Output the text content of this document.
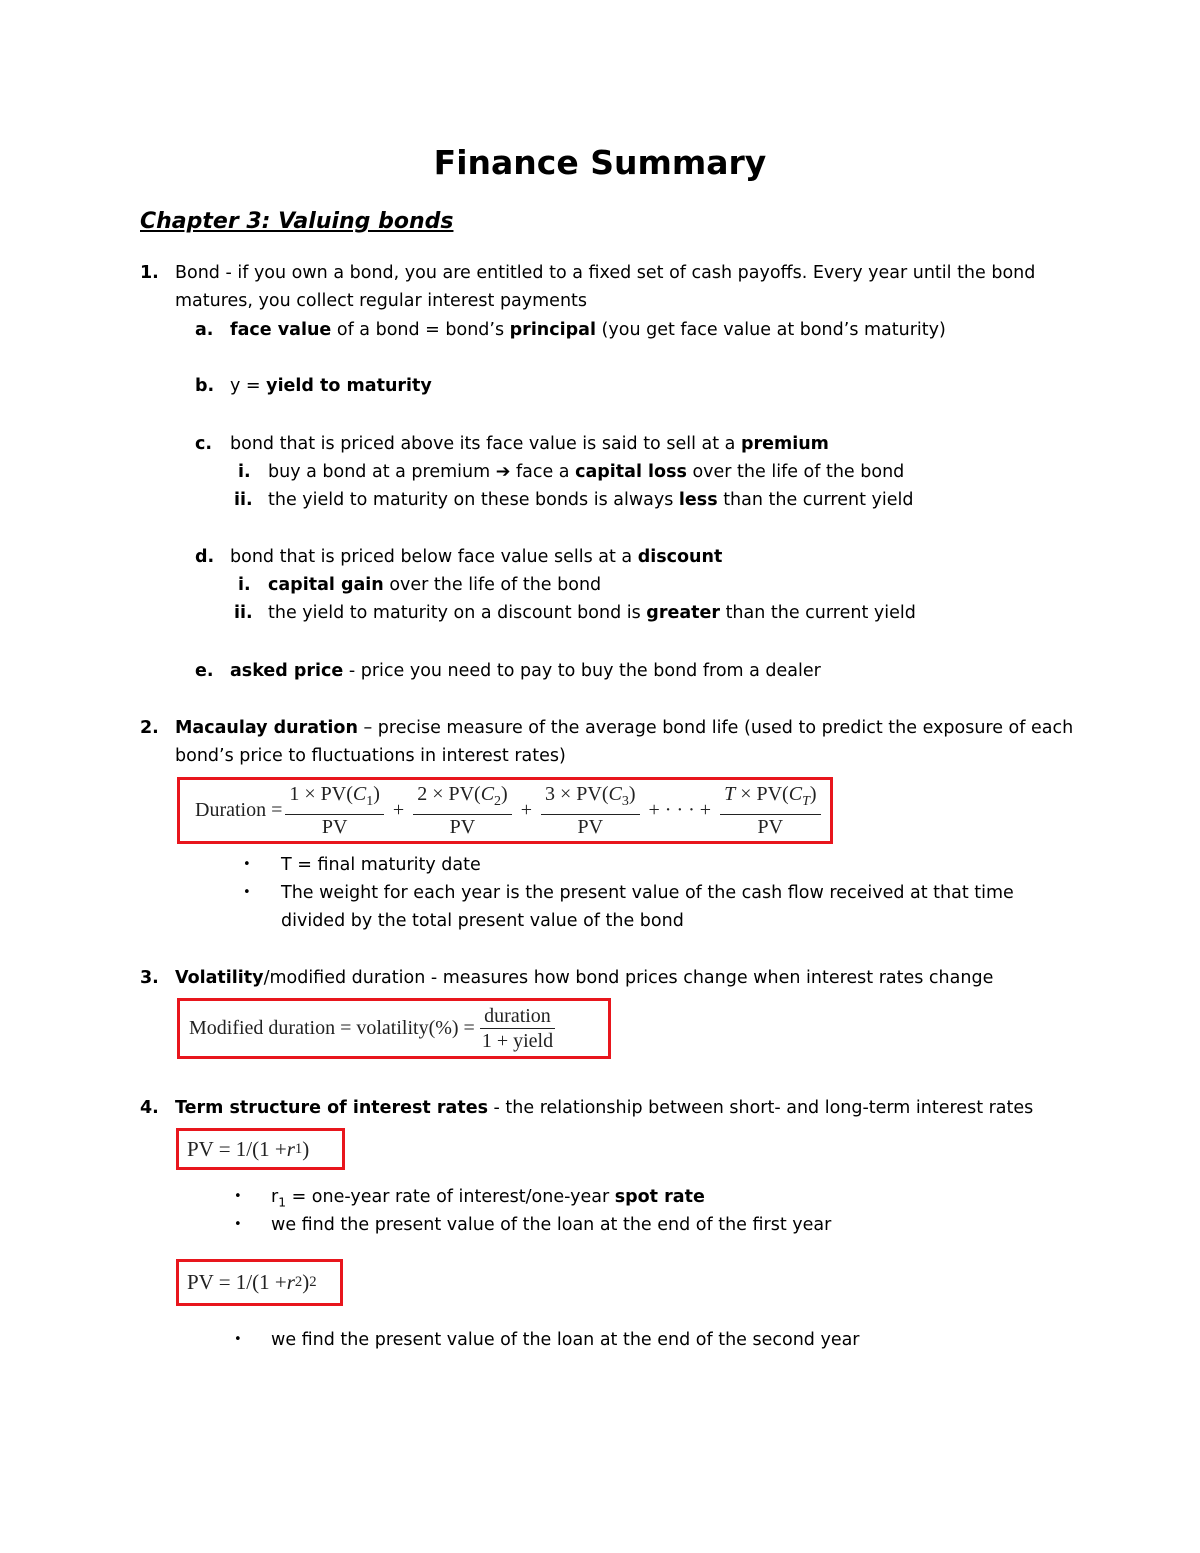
Finance Summary
Chapter 3: Valuing bonds
1. Bond - if you own a bond, you are entitled to a fixed set of cash payoffs. Every year until the bond
matures, you collect regular interest payments
a. face value of a bond = bond’s principal (you get face value at bond’s maturity)
b. y = yield to maturity
c. bond that is priced above its face value is said to sell at a premium
i. buy a bond at a premium ➔ face a capital loss over the life of the bond
ii. the yield to maturity on these bonds is always less than the current yield
d. bond that is priced below face value sells at a discount
i. capital gain over the life of the bond
ii. the yield to maturity on a discount bond is greater than the current yield
e. asked price - price you need to pay to buy the bond from a dealer
2. Macaulay duration – precise measure of the average bond life (used to predict the exposure of each
bond’s price to fluctuations in interest rates)
Duration = $\frac{1 \times PV(C_1)}{PV} + \frac{2 \times PV(C_2)}{PV} + \frac{3 \times PV(C_3)}{PV}$ + · · · + $\frac{T \times PV(C_T)}{PV}$
• T = final maturity date
• The weight for each year is the present value of the cash flow received at that time
divided by the total present value of the bond
3. Volatility/modified duration - measures how bond prices change when interest rates change
Modified duration = volatility(%) = $\frac{\text{duration}}{\text{1 + yield}}$
4. Term structure of interest rates - the relationship between short- and long-term interest rates
PV = 1/(1 + r 1 )
• $r_1$ = one-year rate of interest/one-year spot rate
• we find the present value of the loan at the end of the first year
PV = 1/(1 + r 2 ) 2
• we find the present value of the loan at the end of the second year
